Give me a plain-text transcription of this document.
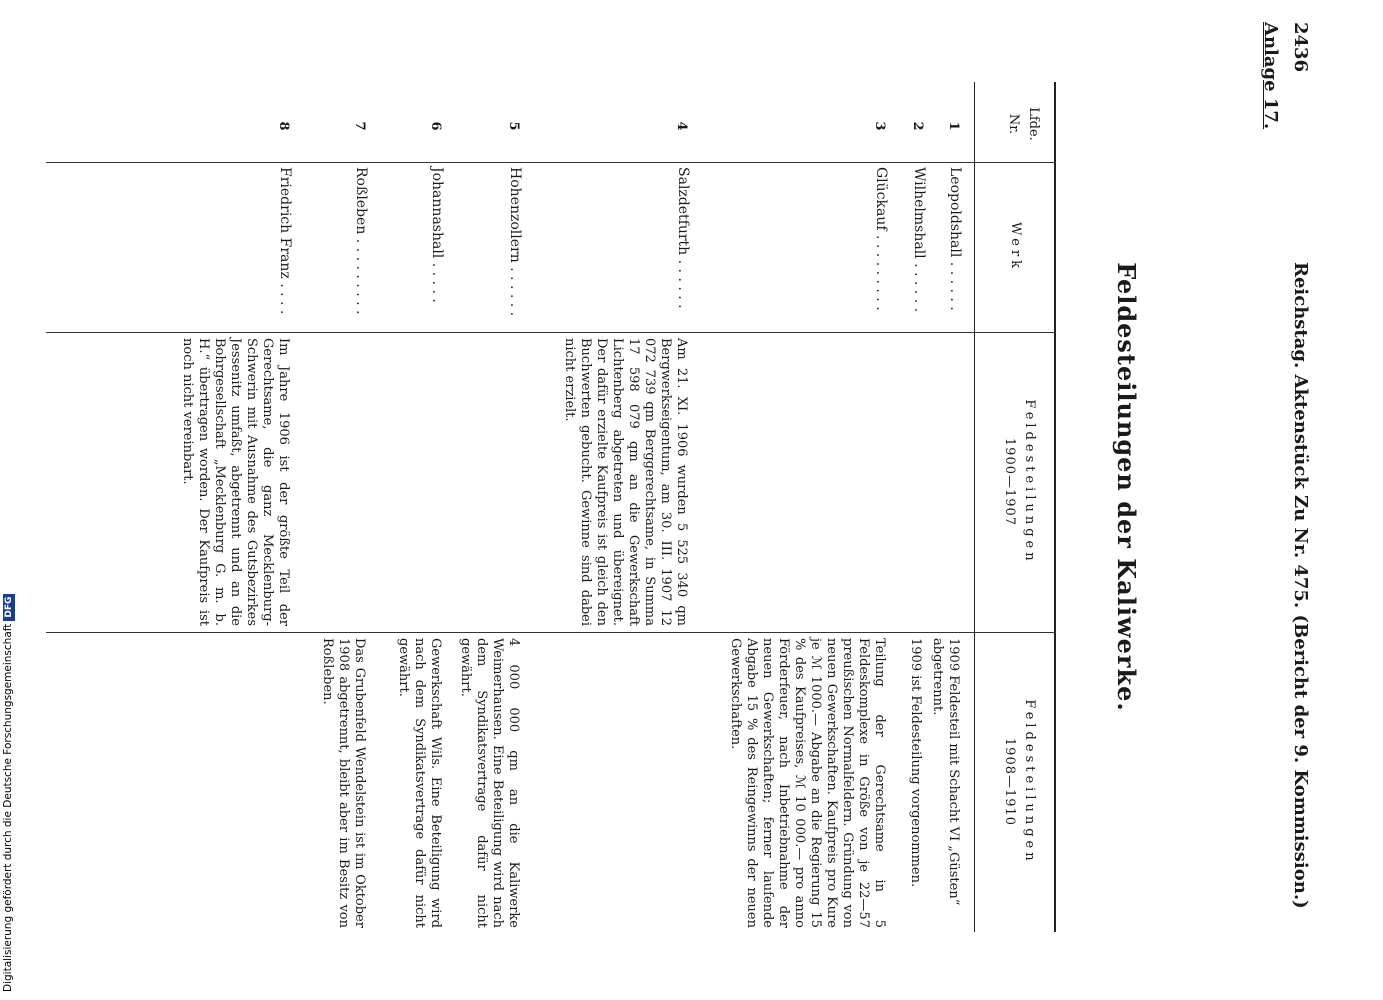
2436
Reichstag. Aktenstück Zu Nr. 475. (Bericht der 9. Kommission.)
Anlage 17.
Feldesteilungen der Kaliwerke.
Lfde. Nr.
Werk
Feldesteilungen
1900—1907
Feldesteilungen
1908—1910
1
Leopoldshall . . . . . .
1909 Feldesteil mit Schacht VI „Güsten“ abgetrennt.
2
Wilhelmshall . . . . . .
1909 ist Feldesteilung vorgenommen.
3
Glückauf . . . . . . . . .
Teilung der Gerechtsame in 5 Feldeskomplexe in Größe von je 22—57 preußischen Normalfeldern. Gründung von neuen Gewerkschaften. Kaufpreis pro Kure je ℳ 1000.— Abgabe an die Regierung 15 % des Kaufpreises, ℳ 10 000.— pro anno Förderfeuer, nach Inbetriebnahme der neuen Gewerkschaften; ferner laufende Abgabe 15 % des Reingewinns der neuen Gewerkschaften.
4
Salzdetfurth . . . . . .
Am 21. XI. 1906 wurden 5 525 340 qm Bergwerkseigentum, am 30. III. 1907 12 072 739 qm Berggerechtsame, in Summa 17 598 079 qm an die Gewerkschaft Lichtenberg abgetreten und übereignet. Der dafür erzielte Kaufpreis ist gleich den Buchwerten gebucht. Gewinne sind dabei nicht erzielt.
5
Hohenzollern . . . . . .
4 000 000 qm an die Kaliwerke Weimerhausen. Eine Beteiligung wird nach dem Syndikatsvertrage dafür nicht gewährt.
6
Johannashall . . . . .
Gewerkschaft Wils. Eine Beteiligung wird nach dem Syndikatsvertrage dafür nicht gewährt.
7
Roßleben . . . . . . . . .
Das Grubenfeld Wendelstein ist im Oktober 1908 abgetrennt, bleibt aber im Besitz von Roßleben.
8
Friedrich Franz . . . .
Im Jahre 1906 ist der größte Teil der Gerechtsame, die ganz Mecklenburg-Schwerin mit Ausnahme des Gutsbezirkes Jessenitz umfaßt, abgetrennt und an die Bohrgesellschaft „Mecklenburg G. m. b. H.“ übertragen worden. Der Kaufpreis ist noch nicht vereinbart.
Digitalisierung gefördert durch die Deutsche ForschungsgemeinschaftDFG
